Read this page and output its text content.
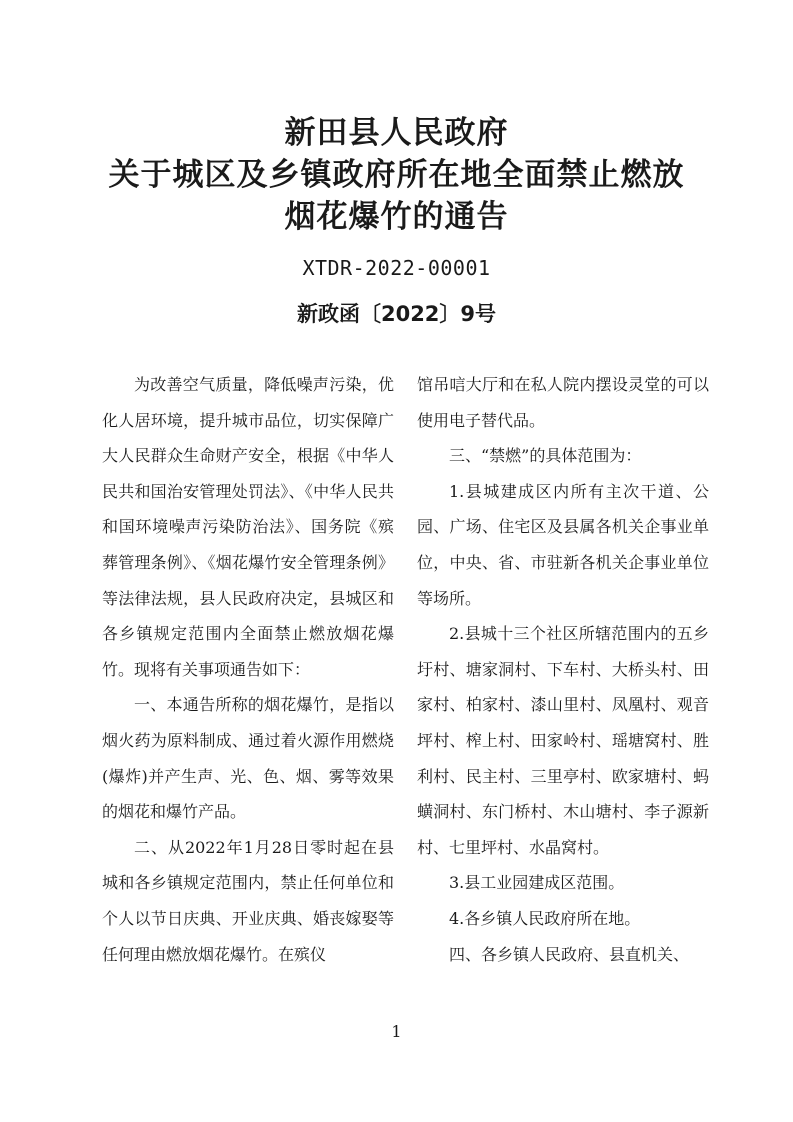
新田县人民政府

关于城区及乡镇政府所在地全面禁止燃放

烟花爆竹的通告

XTDR-2022-00001
新政函〔2022〕9号

为改善空气质量，降低噪声污染，优化人居环境，提升城市品位，切实保障广大人民群众生命财产安全，根据《中华人民共和国治安管理处罚法》、《中华人民共和国环境噪声污染防治法》、国务院《殡葬管理条例》、《烟花爆竹安全管理条例》等法律法规，县人民政府决定，县城区和各乡镇规定范围内全面禁止燃放烟花爆竹。现将有关事项通告如下：

一、本通告所称的烟花爆竹，是指以烟火药为原料制成、通过着火源作用燃烧(爆炸)并产生声、光、色、烟、雾等效果的烟花和爆竹产品。

二、从2022年1月28日零时起在县城和各乡镇规定范围内，禁止任何单位和个人以节日庆典、开业庆典、婚丧嫁娶等任何理由燃放烟花爆竹。在殡仪

馆吊唁大厅和在私人院内摆设灵堂的可以使用电子替代品。

三、“禁燃”的具体范围为：

1.县城建成区内所有主次干道、公园、广场、住宅区及县属各机关企事业单位，中央、省、市驻新各机关企事业单位等场所。

2.县城十三个社区所辖范围内的五乡圩村、塘家洞村、下车村、大桥头村、田家村、柏家村、漆山里村、凤凰村、观音坪村、榨上村、田家岭村、瑶塘窝村、胜利村、民主村、三里亭村、欧家塘村、蚂蟥洞村、东门桥村、木山塘村、李子源新村、七里坪村、水晶窝村。

3.县工业园建成区范围。

4.各乡镇人民政府所在地。

四、各乡镇人民政府、县直机关、

1
